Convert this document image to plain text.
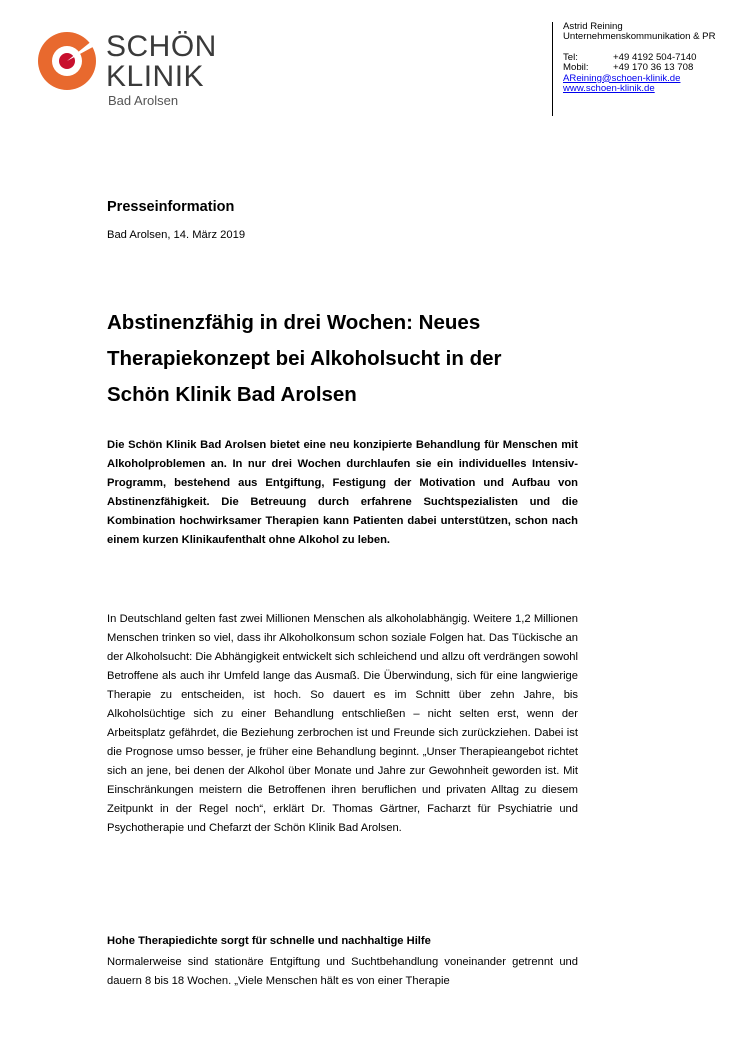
SCHÖN
KLINIK
Bad Arolsen
Astrid Reining
Unternehmenskommunikation & PR
Tel:	+49 4192 504-7140
Mobil:	+49 170 36 13 708
AReining@schoen-klinik.de
www.schoen-klinik.de
Presseinformation
Bad Arolsen, 14. März 2019
Abstinenzfähig in drei Wochen: Neues
Therapiekonzept bei Alkoholsucht in der
Schön Klinik Bad Arolsen
Die Schön Klinik Bad Arolsen bietet eine neu konzipierte Behandlung für Menschen mit Alkoholproblemen an. In nur drei Wochen durchlaufen sie ein individuelles Intensiv-Programm, bestehend aus Entgiftung, Festigung der Motivation und Aufbau von Abstinenzfähigkeit. Die Betreuung durch erfahrene Suchtspezialisten und die Kombination hochwirksamer Therapien kann Patienten dabei unterstützen, schon nach einem kurzen Klinikaufenthalt ohne Alkohol zu leben.
In Deutschland gelten fast zwei Millionen Menschen als alkoholabhängig. Weitere 1,2 Millionen Menschen trinken so viel, dass ihr Alkoholkonsum schon soziale Folgen hat. Das Tückische an der Alkoholsucht: Die Abhängigkeit entwickelt sich schleichend und allzu oft verdrängen sowohl Betroffene als auch ihr Umfeld lange das Ausmaß. Die Überwindung, sich für eine langwierige Therapie zu entscheiden, ist hoch. So dauert es im Schnitt über zehn Jahre, bis Alkoholsüchtige sich zu einer Behandlung entschließen – nicht selten erst, wenn der Arbeitsplatz gefährdet, die Beziehung zerbrochen ist und Freunde sich zurückziehen. Dabei ist die Prognose umso besser, je früher eine Behandlung beginnt. „Unser Therapieangebot richtet sich an jene, bei denen der Alkohol über Monate und Jahre zur Gewohnheit geworden ist. Mit Einschränkungen meistern die Betroffenen ihren beruflichen und privaten Alltag zu diesem Zeitpunkt in der Regel noch“, erklärt Dr. Thomas Gärtner, Facharzt für Psychiatrie und Psychotherapie und Chefarzt der Schön Klinik Bad Arolsen.
Hohe Therapiedichte sorgt für schnelle und nachhaltige Hilfe
Normalerweise sind stationäre Entgiftung und Suchtbehandlung voneinander getrennt und dauern 8 bis 18 Wochen. „Viele Menschen hält es von einer Therapie
